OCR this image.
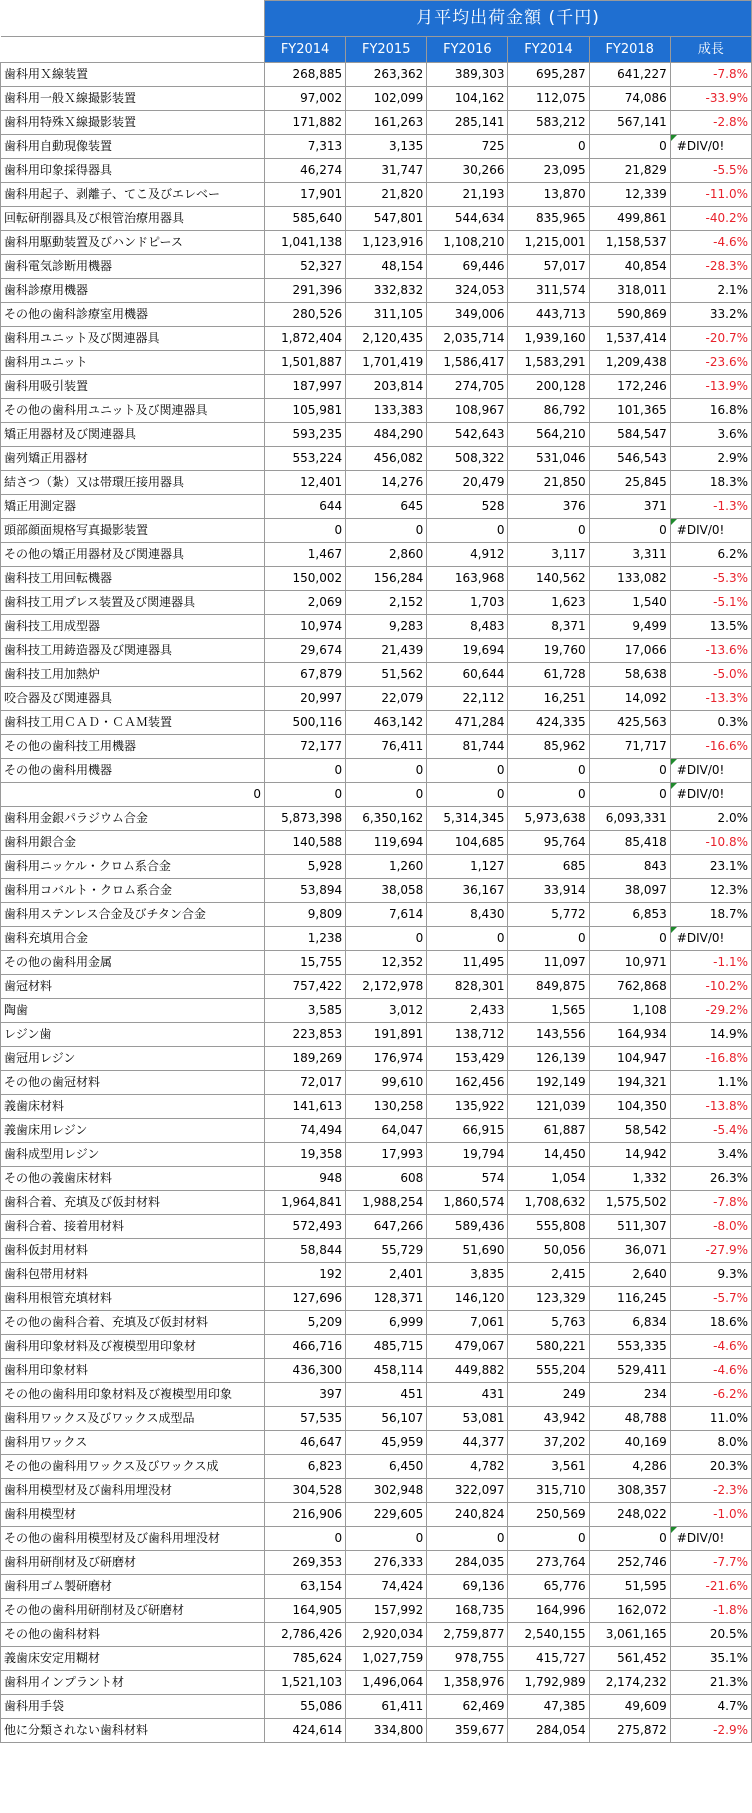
	月平均出荷金額 (千円)					
	FY2014	FY2015	FY2016	FY2014	FY2018	成長
歯科用Ｘ線装置	268,885	263,362	389,303	695,287	641,227	-7.8%
歯科用一般Ｘ線撮影装置	97,002	102,099	104,162	112,075	74,086	-33.9%
歯科用特殊Ｘ線撮影装置	171,882	161,263	285,141	583,212	567,141	-2.8%
歯科用自動現像装置	7,313	3,135	725	0	0	#DIV/0!
歯科用印象採得器具	46,274	31,747	30,266	23,095	21,829	-5.5%
歯科用起子、剥離子、てこ及びエレベー	17,901	21,820	21,193	13,870	12,339	-11.0%
回転研削器具及び根管治療用器具	585,640	547,801	544,634	835,965	499,861	-40.2%
歯科用駆動装置及びハンドピース	1,041,138	1,123,916	1,108,210	1,215,001	1,158,537	-4.6%
歯科電気診断用機器	52,327	48,154	69,446	57,017	40,854	-28.3%
歯科診療用機器	291,396	332,832	324,053	311,574	318,011	2.1%
その他の歯科診療室用機器	280,526	311,105	349,006	443,713	590,869	33.2%
歯科用ユニット及び関連器具	1,872,404	2,120,435	2,035,714	1,939,160	1,537,414	-20.7%
歯科用ユニット	1,501,887	1,701,419	1,586,417	1,583,291	1,209,438	-23.6%
歯科用吸引装置	187,997	203,814	274,705	200,128	172,246	-13.9%
その他の歯科用ユニット及び関連器具	105,981	133,383	108,967	86,792	101,365	16.8%
矯正用器材及び関連器具	593,235	484,290	542,643	564,210	584,547	3.6%
歯列矯正用器材	553,224	456,082	508,322	531,046	546,543	2.9%
結さつ（紮）又は帯環圧接用器具	12,401	14,276	20,479	21,850	25,845	18.3%
矯正用測定器	644	645	528	376	371	-1.3%
頭部顔面規格写真撮影装置	0	0	0	0	0	#DIV/0!
その他の矯正用器材及び関連器具	1,467	2,860	4,912	3,117	3,311	6.2%
歯科技工用回転機器	150,002	156,284	163,968	140,562	133,082	-5.3%
歯科技工用プレス装置及び関連器具	2,069	2,152	1,703	1,623	1,540	-5.1%
歯科技工用成型器	10,974	9,283	8,483	8,371	9,499	13.5%
歯科技工用鋳造器及び関連器具	29,674	21,439	19,694	19,760	17,066	-13.6%
歯科技工用加熱炉	67,879	51,562	60,644	61,728	58,638	-5.0%
咬合器及び関連器具	20,997	22,079	22,112	16,251	14,092	-13.3%
歯科技工用ＣＡＤ・ＣＡＭ装置	500,116	463,142	471,284	424,335	425,563	0.3%
その他の歯科技工用機器	72,177	76,411	81,744	85,962	71,717	-16.6%
その他の歯科用機器	0	0	0	0	0	#DIV/0!
0	0	0	0	0	0	#DIV/0!
歯科用金銀パラジウム合金	5,873,398	6,350,162	5,314,345	5,973,638	6,093,331	2.0%
歯科用銀合金	140,588	119,694	104,685	95,764	85,418	-10.8%
歯科用ニッケル・クロム系合金	5,928	1,260	1,127	685	843	23.1%
歯科用コバルト・クロム系合金	53,894	38,058	36,167	33,914	38,097	12.3%
歯科用ステンレス合金及びチタン合金	9,809	7,614	8,430	5,772	6,853	18.7%
歯科充填用合金	1,238	0	0	0	0	#DIV/0!
その他の歯科用金属	15,755	12,352	11,495	11,097	10,971	-1.1%
歯冠材料	757,422	2,172,978	828,301	849,875	762,868	-10.2%
陶歯	3,585	3,012	2,433	1,565	1,108	-29.2%
レジン歯	223,853	191,891	138,712	143,556	164,934	14.9%
歯冠用レジン	189,269	176,974	153,429	126,139	104,947	-16.8%
その他の歯冠材料	72,017	99,610	162,456	192,149	194,321	1.1%
義歯床材料	141,613	130,258	135,922	121,039	104,350	-13.8%
義歯床用レジン	74,494	64,047	66,915	61,887	58,542	-5.4%
歯科成型用レジン	19,358	17,993	19,794	14,450	14,942	3.4%
その他の義歯床材料	948	608	574	1,054	1,332	26.3%
歯科合着、充填及び仮封材料	1,964,841	1,988,254	1,860,574	1,708,632	1,575,502	-7.8%
歯科合着、接着用材料	572,493	647,266	589,436	555,808	511,307	-8.0%
歯科仮封用材料	58,844	55,729	51,690	50,056	36,071	-27.9%
歯科包帯用材料	192	2,401	3,835	2,415	2,640	9.3%
歯科用根管充填材料	127,696	128,371	146,120	123,329	116,245	-5.7%
その他の歯科合着、充填及び仮封材料	5,209	6,999	7,061	5,763	6,834	18.6%
歯科用印象材料及び複模型用印象材	466,716	485,715	479,067	580,221	553,335	-4.6%
歯科用印象材料	436,300	458,114	449,882	555,204	529,411	-4.6%
その他の歯科用印象材料及び複模型用印象	397	451	431	249	234	-6.2%
歯科用ワックス及びワックス成型品	57,535	56,107	53,081	43,942	48,788	11.0%
歯科用ワックス	46,647	45,959	44,377	37,202	40,169	8.0%
その他の歯科用ワックス及びワックス成	6,823	6,450	4,782	3,561	4,286	20.3%
歯科用模型材及び歯科用埋没材	304,528	302,948	322,097	315,710	308,357	-2.3%
歯科用模型材	216,906	229,605	240,824	250,569	248,022	-1.0%
その他の歯科用模型材及び歯科用埋没材	0	0	0	0	0	#DIV/0!
歯科用研削材及び研磨材	269,353	276,333	284,035	273,764	252,746	-7.7%
歯科用ゴム製研磨材	63,154	74,424	69,136	65,776	51,595	-21.6%
その他の歯科用研削材及び研磨材	164,905	157,992	168,735	164,996	162,072	-1.8%
その他の歯科材料	2,786,426	2,920,034	2,759,877	2,540,155	3,061,165	20.5%
義歯床安定用糊材	785,624	1,027,759	978,755	415,727	561,452	35.1%
歯科用インプラント材	1,521,103	1,496,064	1,358,976	1,792,989	2,174,232	21.3%
歯科用手袋	55,086	61,411	62,469	47,385	49,609	4.7%
他に分類されない歯科材料	424,614	334,800	359,677	284,054	275,872	-2.9%
